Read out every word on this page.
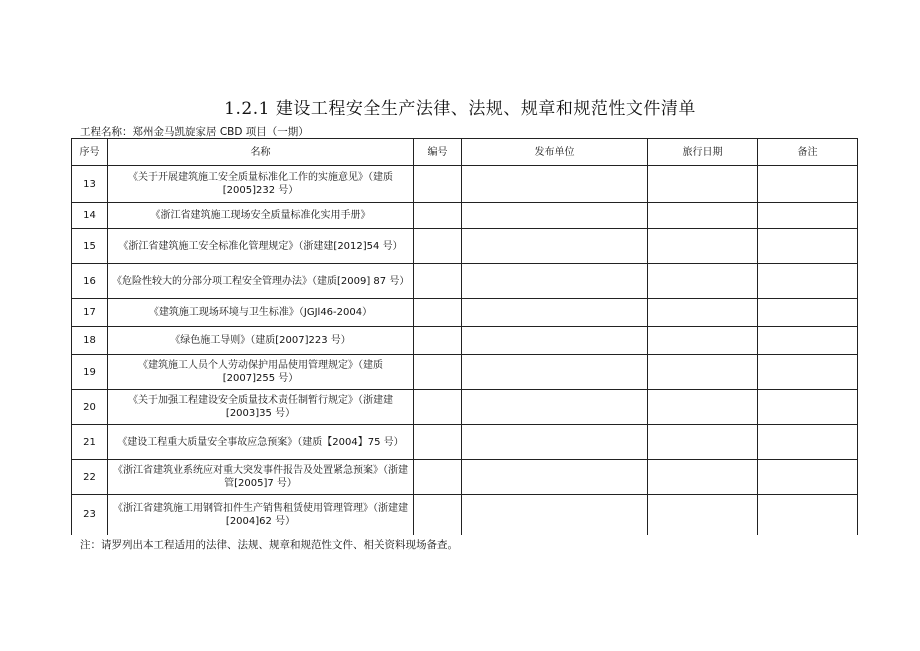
1.2.1 建设工程安全生产法律、法规、规章和规范性文件清单
工程名称：郑州金马凯旋家居 CBD 项目（一期）
序号	名称	编号	发布单位	旅行日期	备注
13	《关于开展建筑施工安全质量标准化工作的实施意见》（建质[2005]232 号）				
14	《浙江省建筑施工现场安全质量标准化实用手册》				
15	《浙江省建筑施工安全标准化管理规定》（浙建建[2012]54 号）				
16	《危险性较大的分部分项工程安全管理办法》（建质[2009] 87 号）				
17	《建筑施工现场环境与卫生标准》（JGJl46-2004）				
18	《绿色施工导则》（建质[2007]223 号）				
19	《建筑施工人员个人劳动保护用品使用管理规定》（建质[2007]255 号）				
20	《关于加强工程建设安全质量技术责任制暂行规定》（浙建建[2003]35 号）				
21	《建设工程重大质量安全事故应急预案》（建质【2004】75 号）				
22	《浙江省建筑业系统应对重大突发事件报告及处置紧急预案》（浙建管[2005]7 号）				
23	《浙江省建筑施工用钢管扣件生产销售租赁使用管理管理》（浙建建[2004]62 号）				
注：请罗列出本工程适用的法律、法规、规章和规范性文件、相关资料现场备查。
